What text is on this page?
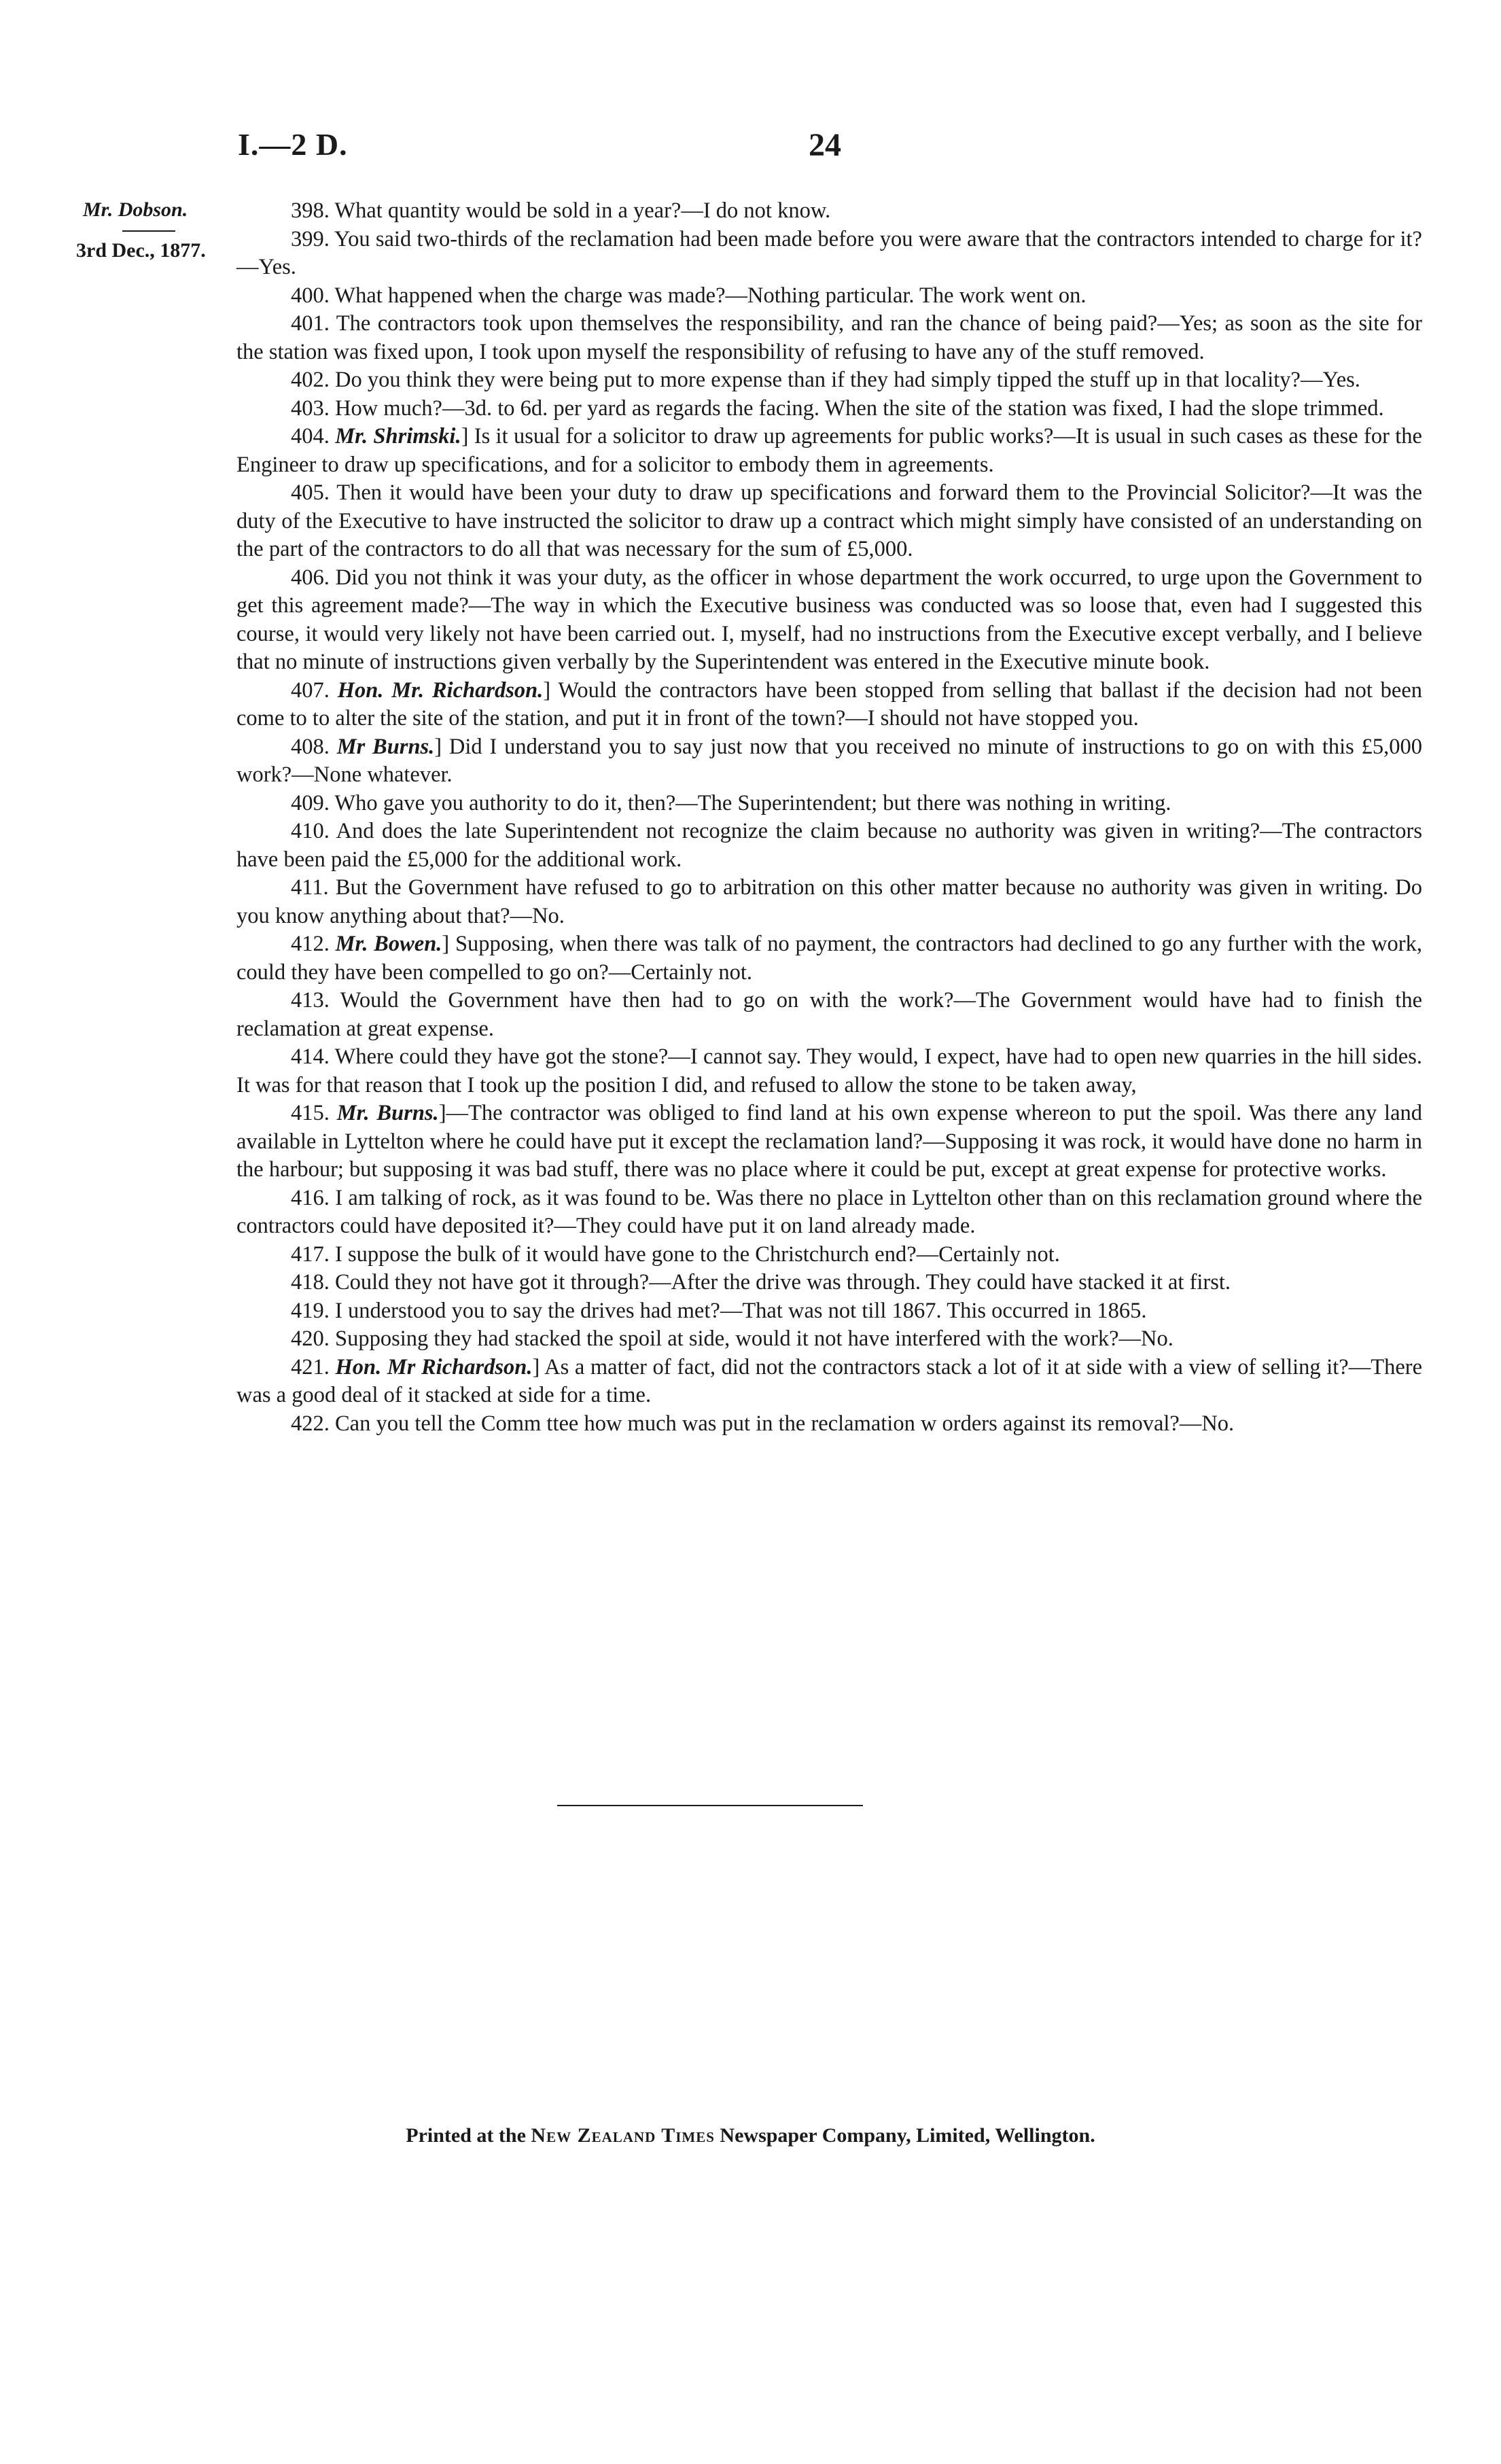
I.—2 D.	24
Mr. Dobson.
3rd Dec., 1877.

398. What quantity would be sold in a year?—I do not know.

399. You said two-thirds of the reclamation had been made before you were aware that the contractors intended to charge for it?—Yes.

400. What happened when the charge was made?—Nothing particular. The work went on.

401. The contractors took upon themselves the responsibility, and ran the chance of being paid?—Yes; as soon as the site for the station was fixed upon, I took upon myself the responsibility of refusing to have any of the stuff removed.

402. Do you think they were being put to more expense than if they had simply tipped the stuff up in that locality?—Yes.

403. How much?—3d. to 6d. per yard as regards the facing. When the site of the station was fixed, I had the slope trimmed.

404. Mr. Shrimski.] Is it usual for a solicitor to draw up agreements for public works?—It is usual in such cases as these for the Engineer to draw up specifications, and for a solicitor to embody them in agreements.

405. Then it would have been your duty to draw up specifications and forward them to the Provincial Solicitor?—It was the duty of the Executive to have instructed the solicitor to draw up a contract which might simply have consisted of an understanding on the part of the contractors to do all that was necessary for the sum of £5,000.

406. Did you not think it was your duty, as the officer in whose department the work occurred, to urge upon the Government to get this agreement made?—The way in which the Executive business was conducted was so loose that, even had I suggested this course, it would very likely not have been carried out. I, myself, had no instructions from the Executive except verbally, and I believe that no minute of instructions given verbally by the Superintendent was entered in the Executive minute book.

407. Hon. Mr. Richardson.] Would the contractors have been stopped from selling that ballast if the decision had not been come to to alter the site of the station, and put it in front of the town?—I should not have stopped you.

408. Mr Burns.] Did I understand you to say just now that you received no minute of instructions to go on with this £5,000 work?—None whatever.

409. Who gave you authority to do it, then?—The Superintendent; but there was nothing in writing.

410. And does the late Superintendent not recognize the claim because no authority was given in writing?—The contractors have been paid the £5,000 for the additional work.

411. But the Government have refused to go to arbitration on this other matter because no authority was given in writing. Do you know anything about that?—No.

412. Mr. Bowen.] Supposing, when there was talk of no payment, the contractors had declined to go any further with the work, could they have been compelled to go on?—Certainly not.

413. Would the Government have then had to go on with the work?—The Government would have had to finish the reclamation at great expense.

414. Where could they have got the stone?—I cannot say. They would, I expect, have had to open new quarries in the hill sides. It was for that reason that I took up the position I did, and refused to allow the stone to be taken away,

415. Mr. Burns.]—The contractor was obliged to find land at his own expense whereon to put the spoil. Was there any land available in Lyttelton where he could have put it except the reclamation land?—Supposing it was rock, it would have done no harm in the harbour; but supposing it was bad stuff, there was no place where it could be put, except at great expense for protective works.

416. I am talking of rock, as it was found to be. Was there no place in Lyttelton other than on this reclamation ground where the contractors could have deposited it?—They could have put it on land already made.

417. I suppose the bulk of it would have gone to the Christchurch end?—Certainly not.

418. Could they not have got it through?—After the drive was through. They could have stacked it at first.

419. I understood you to say the drives had met?—That was not till 1867. This occurred in 1865.

420. Supposing they had stacked the spoil at side, would it not have interfered with the work?—No.

421. Hon. Mr Richardson.] As a matter of fact, did not the contractors stack a lot of it at side with a view of selling it?—There was a good deal of it stacked at side for a time.

422. Can you tell the Comm ttee how much was put in the reclamation w orders against its removal?—No.

Printed at the New Zealand Times Newspaper Company, Limited, Wellington.
